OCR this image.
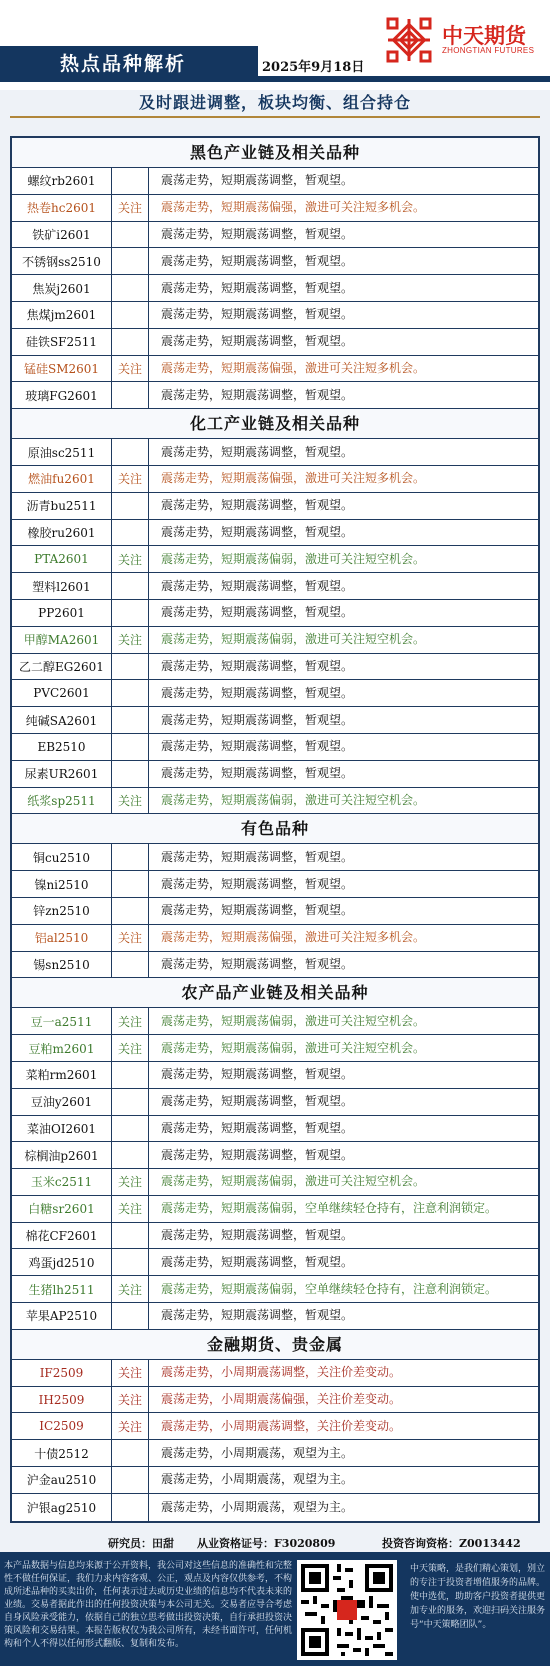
热点品种解析	2025年9月18日
中天期货
ZHONGTIAN FUTURES
及时跟进调整，板块均衡、组合持仓
黑色产业链及相关品种
螺纹rb2601	震荡走势，短期震荡调整，暂观望。
热卷hc2601	关注	震荡走势，短期震荡偏强，激进可关注短多机会。
铁矿i2601	震荡走势，短期震荡调整，暂观望。
不锈钢ss2510	震荡走势，短期震荡调整，暂观望。
焦炭j2601	震荡走势，短期震荡调整，暂观望。
焦煤jm2601	震荡走势，短期震荡调整，暂观望。
硅铁SF2511	震荡走势，短期震荡调整，暂观望。
锰硅SM2601	关注	震荡走势，短期震荡偏强，激进可关注短多机会。
玻璃FG2601	震荡走势，短期震荡调整，暂观望。
化工产业链及相关品种
原油sc2511	震荡走势，短期震荡调整，暂观望。
燃油fu2601	关注	震荡走势，短期震荡偏强，激进可关注短多机会。
沥青bu2511	震荡走势，短期震荡调整，暂观望。
橡胶ru2601	震荡走势，短期震荡调整，暂观望。
PTA2601	关注	震荡走势，短期震荡偏弱，激进可关注短空机会。
塑料l2601	震荡走势，短期震荡调整，暂观望。
PP2601	震荡走势，短期震荡调整，暂观望。
甲醇MA2601	关注	震荡走势，短期震荡偏弱，激进可关注短空机会。
乙二醇EG2601	震荡走势，短期震荡调整，暂观望。
PVC2601	震荡走势，短期震荡调整，暂观望。
纯碱SA2601	震荡走势，短期震荡调整，暂观望。
EB2510	震荡走势，短期震荡调整，暂观望。
尿素UR2601	震荡走势，短期震荡调整，暂观望。
纸浆sp2511	关注	震荡走势，短期震荡偏弱，激进可关注短空机会。
有色品种
铜cu2510	震荡走势，短期震荡调整，暂观望。
镍ni2510	震荡走势，短期震荡调整，暂观望。
锌zn2510	震荡走势，短期震荡调整，暂观望。
铝al2510	关注	震荡走势，短期震荡偏强，激进可关注短多机会。
锡sn2510	震荡走势，短期震荡调整，暂观望。
农产品产业链及相关品种
豆一a2511	关注	震荡走势，短期震荡偏弱，激进可关注短空机会。
豆粕m2601	关注	震荡走势，短期震荡偏弱，激进可关注短空机会。
菜粕rm2601	震荡走势，短期震荡调整，暂观望。
豆油y2601	震荡走势，短期震荡调整，暂观望。
菜油OI2601	震荡走势，短期震荡调整，暂观望。
棕榈油p2601	震荡走势，短期震荡调整，暂观望。
玉米c2511	关注	震荡走势，短期震荡偏弱，激进可关注短空机会。
白糖sr2601	关注	震荡走势，短期震荡偏弱，空单继续轻仓持有，注意利润锁定。
棉花CF2601	震荡走势，短期震荡调整，暂观望。
鸡蛋jd2510	震荡走势，短期震荡调整，暂观望。
生猪lh2511	关注	震荡走势，短期震荡偏弱，空单继续轻仓持有，注意利润锁定。
苹果AP2510	震荡走势，短期震荡调整，暂观望。
金融期货、贵金属
IF2509	关注	震荡走势，小周期震荡调整，关注价差变动。
IH2509	关注	震荡走势，小周期震荡偏强，关注价差变动。
IC2509	关注	震荡走势，小周期震荡调整，关注价差变动。
十债2512	震荡走势，小周期震荡，观望为主。
沪金au2510	震荡走势，小周期震荡，观望为主。
沪银ag2510	震荡走势，小周期震荡，观望为主。
研究员：田甜 从业资格证号：F3020809	投资咨询资格：Z0013442
本产品数据与信息均来源于公开资料，我公司对这些信息的准确性和完整性不做任何保证，我们力求内容客观、公正，观点及内容仅供参考，不构成所述品种的买卖出价，任何表示过去或历史业绩的信息均不代表未来的业绩。交易者据此作出的任何投资决策与本公司无关。交易者应导合考虑自身风险承受能力，依据自己的独立思考做出投资决策，自行承担投资决策风险和交易结果。本报告版权仅为我公司所有，未经书面许可，任何机构和个人不得以任何形式翻版、复制和发布。
中天策略，是我们精心策划，别立的专注于投资者增值服务的品牌。使中选优，助助客户投资者提供更加专业的服务，欢迎扫码关注服务号“中天策略团队”。
